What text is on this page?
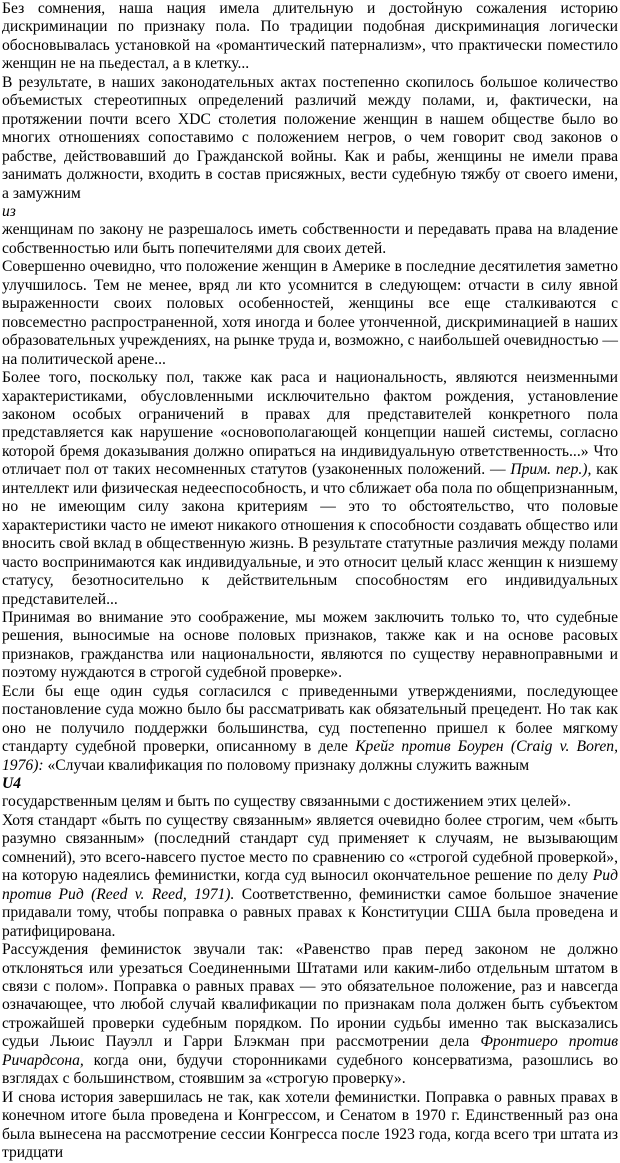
Без сомнения, наша нация имела длительную и достойную сожаления историю дискриминации по признаку пола. По традиции подобная дискриминация логически обосновывалась установкой на «романтический патернализм», что практически поместило женщин не на пьедестал, а в клетку...

В результате, в наших законодательных актах постепенно скопилось большое количество объемистых стереотипных определений различий между полами, и, фактически, на протяжении почти всего XDC столетия положение женщин в нашем обществе было во многих отношениях сопоставимо с положением негров, о чем говорит свод законов о рабстве, действовавший до Гражданской войны. Как и рабы, женщины не имели права занимать должности, входить в состав присяжных, вести судебную тяжбу от своего имени, а замужним

из

женщинам по закону не разрешалось иметь собственности и передавать права на владение собственностью или быть попечителями для своих детей.

Совершенно очевидно, что положение женщин в Америке в последние десятилетия заметно улучшилось. Тем не менее, вряд ли кто усомнится в следующем: отчасти в силу явной выраженности своих половых особенностей, женщины все еще сталкиваются с повсеместно распространенной, хотя иногда и более утонченной, дискриминацией в наших образовательных учреждениях, на рынке труда и, возможно, с наибольшей очевидностью — на политической арене...

Более того, поскольку пол, также как раса и национальность, являются неизменными характеристиками, обусловленными исключительно фактом рождения, установление законом особых ограничений в правах для представителей конкретного пола представляется как нарушение «основополагающей концепции нашей системы, согласно которой бремя доказывания должно опираться на индивидуальную ответственность...» Что отличает пол от таких несомненных статутов (узаконенных положений. — Прим. пер.), как интеллект или физическая недееспособность, и что сближает оба пола по общепризнанным, но не имеющим силу закона критериям — это то обстоятельство, что половые характеристики часто не имеют никакого отношения к способности создавать общество или вносить свой вклад в общественную жизнь. В результате статутные различия между полами часто воспринимаются как индивидуальные, и это относит целый класс женщин к низшему статусу, безотносительно к действительным способностям его индивидуальных представителей...

Принимая во внимание это соображение, мы можем заключить только то, что судебные решения, выносимые на основе половых признаков, также как и на основе расовых признаков, гражданства или национальности, являются по существу неравноправными и поэтому нуждаются в строгой судебной проверке».

Если бы еще один судья согласился с приведенными утверждениями, последующее постановление суда можно было бы рассматривать как обязательный прецедент. Но так как оно не получило поддержки большинства, суд постепенно пришел к более мягкому стандарту судебной проверки, описанному в деле Крейг против Боурен (Craig v. Boren, 1976): «Случаи квалификация по половому признаку должны служить важным

U4

государственным целям и быть по существу связанными с достижением этих целей».

Хотя стандарт «быть по существу связанным» является очевидно более строгим, чем «быть разумно связанным» (последний стандарт суд применяет к случаям, не вызывающим сомнений), это всего-навсего пустое место по сравнению со «строгой судебной проверкой», на которую надеялись феминистки, когда суд выносил окончательное решение по делу Рид против Рид (Reed v. Reed, 1971). Соответственно, феминистки самое большое значение придавали тому, чтобы поправка о равных правах к Конституции США была проведена и ратифицирована.

Рассуждения феминисток звучали так: «Равенство прав перед законом не должно отклоняться или урезаться Соединенными Штатами или каким-либо отдельным штатом в связи с полом». Поправка о равных правах — это обязательное положение, раз и навсегда означающее, что любой случай квалификации по признакам пола должен быть субъектом строжайшей проверки судебным порядком. По иронии судьбы именно так высказались судьи Льюис Пауэлл и Гарри Блэкман при рассмотрении дела Фронтиеро против Ричардсона, когда они, будучи сторонниками судебного консерватизма, разошлись во взглядах с большинством, стоявшим за «строгую проверку».

И снова история завершилась не так, как хотели феминистки. Поправка о равных правах в конечном итоге была проведена и Конгрессом, и Сенатом в 1970 г. Единственный раз она была вынесена на рассмотрение сессии Конгресса после 1923 года, когда всего три штата из тридцати
